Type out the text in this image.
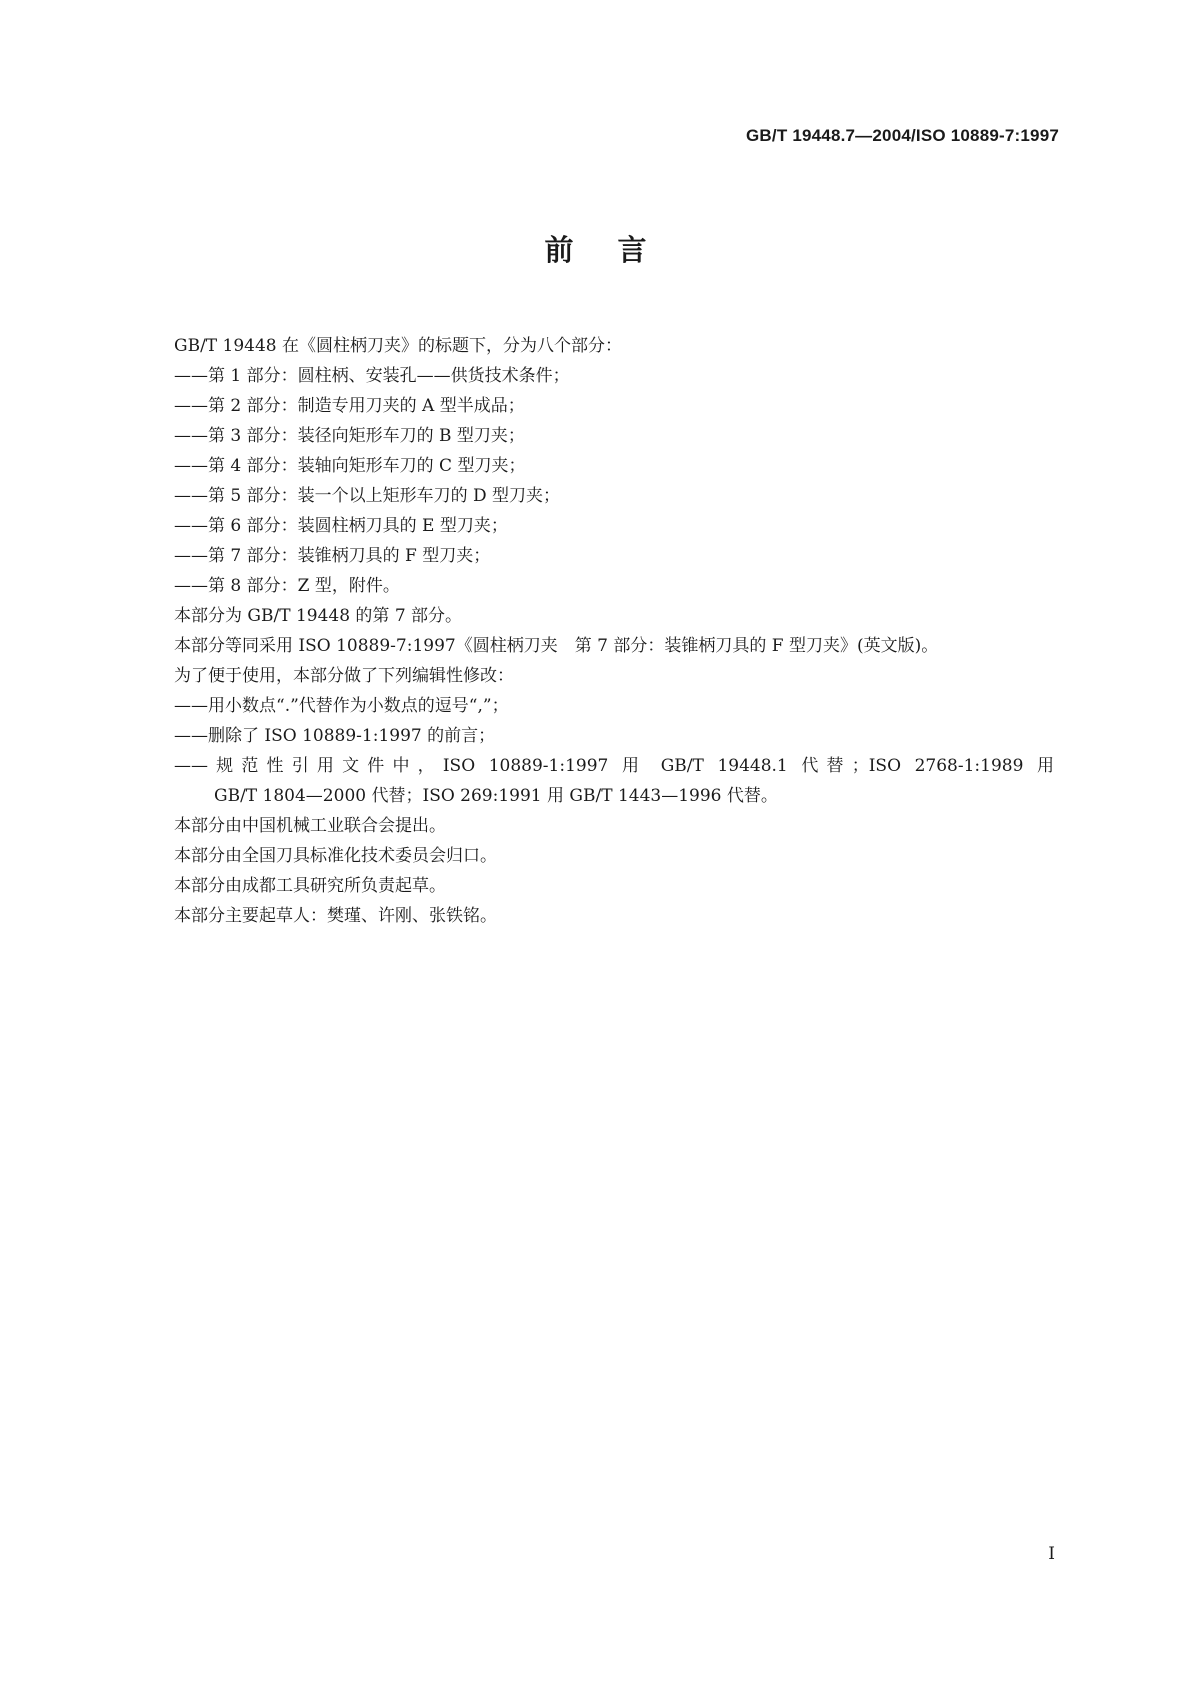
GB/T 19448.7—2004/ISO 10889-7:1997
前言
GB/T 19448 在《圆柱柄刀夹》的标题下，分为八个部分：
——第 1 部分：圆柱柄、安装孔——供货技术条件；
——第 2 部分：制造专用刀夹的 A 型半成品；
——第 3 部分：装径向矩形车刀的 B 型刀夹；
——第 4 部分：装轴向矩形车刀的 C 型刀夹；
——第 5 部分：装一个以上矩形车刀的 D 型刀夹；
——第 6 部分：装圆柱柄刀具的 E 型刀夹；
——第 7 部分：装锥柄刀具的 F 型刀夹；
——第 8 部分：Z 型，附件。
本部分为 GB/T 19448 的第 7 部分。
本部分等同采用 ISO 10889-7:1997《圆柱柄刀夹　第 7 部分：装锥柄刀具的 F 型刀夹》(英文版)。
为了便于使用，本部分做了下列编辑性修改：
——用小数点“.”代替作为小数点的逗号“,”；
——删除了 ISO 10889-1:1997 的前言；
——规范性引用文件中，ISO 10889-1:1997 用 GB/T 19448.1 代替；ISO 2768-1:1989 用
GB/T 1804—2000 代替；ISO 269:1991 用 GB/T 1443—1996 代替。
本部分由中国机械工业联合会提出。
本部分由全国刀具标准化技术委员会归口。
本部分由成都工具研究所负责起草。
本部分主要起草人：樊瑾、许刚、张铁铭。
I
